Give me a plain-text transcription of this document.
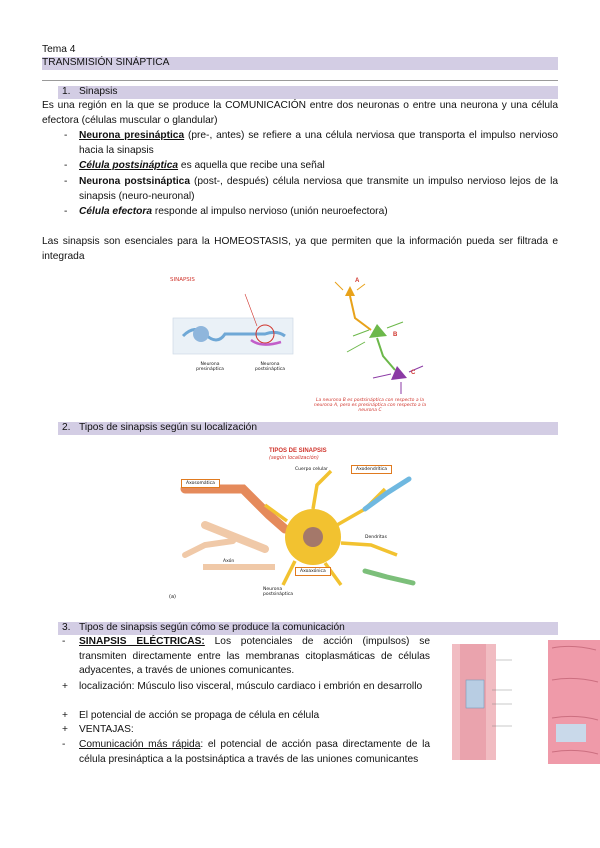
Tema 4
TRANSMISIÓN SINÁPTICA
1. Sinapsis

Es una región en la que se produce la COMUNICACIÓN entre dos neuronas o entre una neurona y una célula efectora (células muscular o glandular)

- Neurona presináptica (pre-, antes) se refiere a una célula nerviosa que transporta el impulso nervioso hacia la sinapsis

- Célula postsináptica es aquella que recibe una señal

- Neurona postsináptica (post-, después) célula nerviosa que transmite un impulso nervioso lejos de la sinapsis (neuro-neuronal)

- Célula efectora responde al impulso nervioso (unión neuroefectora)

Las sinapsis son esenciales para la HOMEOSTASIS, ya que permiten que la información pueda ser filtrada e integrada

SINAPSIS
Neurona presináptica
Neurona postsináptica
A
B
C
La neurona B es postsináptica con respecto a la neurona A, pero es presináptica con respecto a la neurona C
2. Tipos de sinapsis según su localización
TIPOS DE SINAPSIS
(según localización)
Axosomática
Axodendrítica
Axoaxónica
Cuerpo celular
Axón
Dendritas
Neurona postsináptica
(a)
3. Tipos de sinapsis según cómo se produce la comunicación
- SINAPSIS ELÉCTRICAS: Los potenciales de acción (impulsos) se transmiten directamente entre las membranas citoplasmáticas de células adyacentes, a través de uniones comunicantes.

+ localización: Músculo liso visceral, músculo cardiaco i embrión en desarrollo

+ El potencial de acción se propaga de célula en célula

+ VENTAJAS:

- Comunicación más rápida: el potencial de acción pasa directamente de la célula presináptica a la postsináptica a través de las uniones comunicantes
